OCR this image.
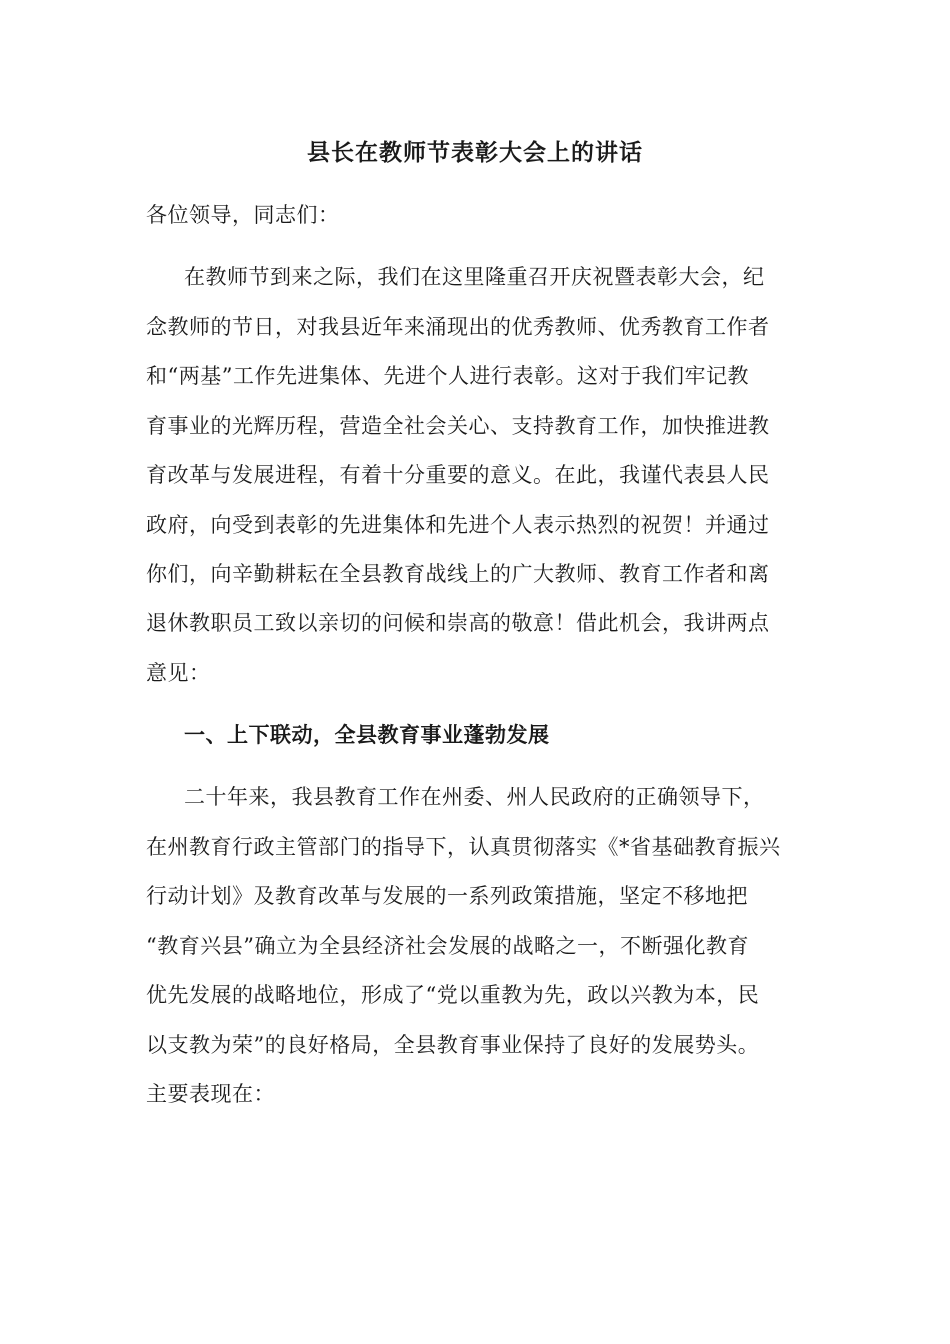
县长在教师节表彰大会上的讲话
各位领导，同志们：
在教师节到来之际，我们在这里隆重召开庆祝暨表彰大会，纪
念教师的节日，对我县近年来涌现出的优秀教师、优秀教育工作者
和“两基”工作先进集体、先进个人进行表彰。这对于我们牢记教
育事业的光辉历程，营造全社会关心、支持教育工作，加快推进教
育改革与发展进程，有着十分重要的意义。在此，我谨代表县人民
政府，向受到表彰的先进集体和先进个人表示热烈的祝贺！并通过
你们，向辛勤耕耘在全县教育战线上的广大教师、教育工作者和离
退休教职员工致以亲切的问候和崇高的敬意！借此机会，我讲两点
意见：
一、上下联动，全县教育事业蓬勃发展
二十年来，我县教育工作在州委、州人民政府的正确领导下，
在州教育行政主管部门的指导下，认真贯彻落实《*省基础教育振兴
行动计划》及教育改革与发展的一系列政策措施，坚定不移地把
“教育兴县”确立为全县经济社会发展的战略之一，不断强化教育
优先发展的战略地位，形成了“党以重教为先，政以兴教为本，民
以支教为荣”的良好格局，全县教育事业保持了良好的发展势头。
主要表现在：
